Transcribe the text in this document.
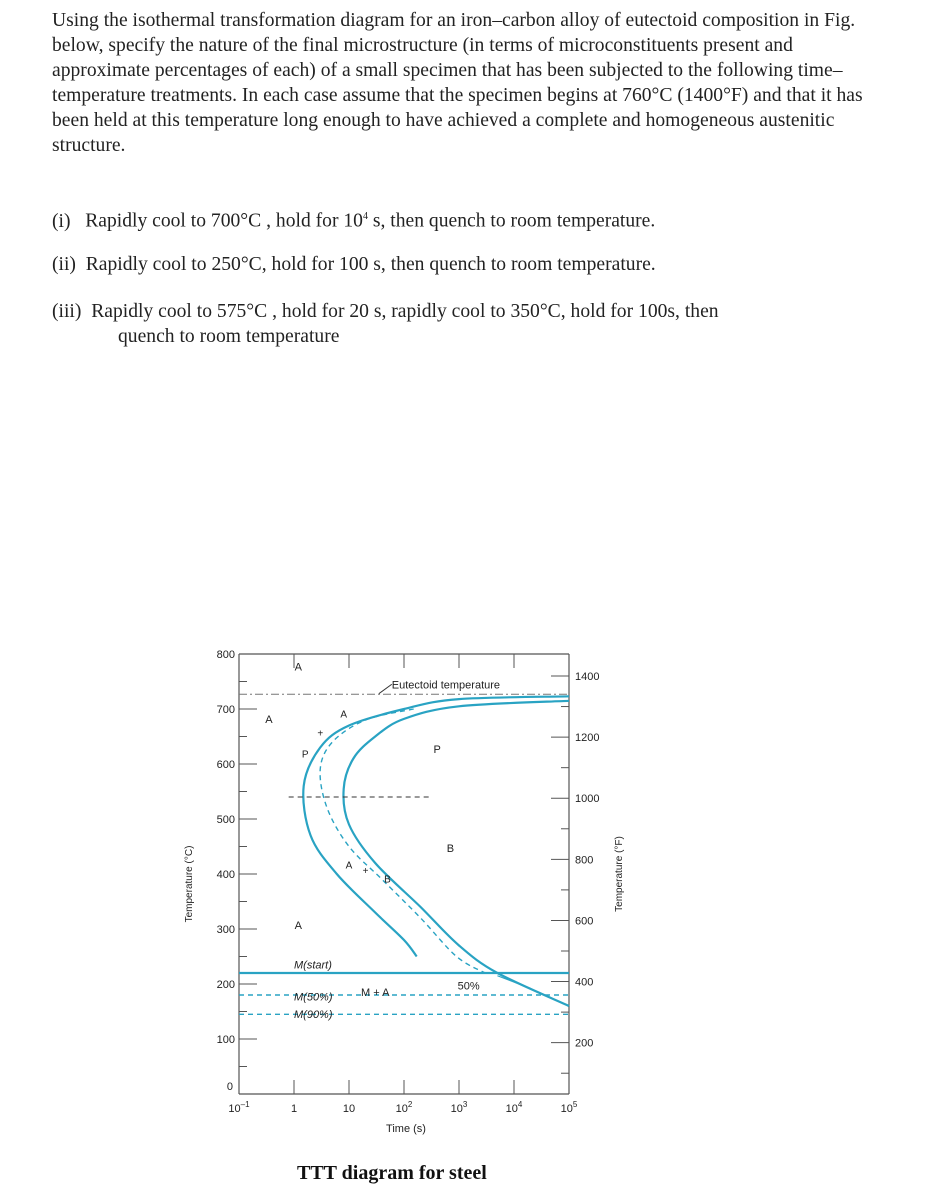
Using the isothermal transformation diagram for an iron–carbon alloy of eutectoid composition in Fig. below, specify the nature of the final microstructure (in terms of microconstituents present and approximate percentages of each) of a small specimen that has been subjected to the following time– temperature treatments. In each case assume that the specimen begins at 760°C (1400°F) and that it has been held at this temperature long enough to have achieved a complete and homogeneous austenitic structure.

(i) Rapidly cool to 700°C , hold for $10^4$ s, then quench to room temperature.
(ii) Rapidly cool to 250°C, hold for 100 s, then quench to room temperature.
(iii) Rapidly cool to 575°C , hold for 20 s, rapidly cool to 350°C, hold for 100s, then
quench to room temperature
800
700
600
500
400
300
200
100
0
1400
1200
1000
800
600
400
200
$10^{-1}$	1	10	$10^2$	$10^3$	$10^4$	$10^5$
Time (s)
Temperature (°C)	Temperature (°F)
A
A
A
A
P
P
B
A
B
+
+
Eutectoid temperature
M(start)
M(50%)
M(90%)
M + A
50%
TTT diagram for steel
